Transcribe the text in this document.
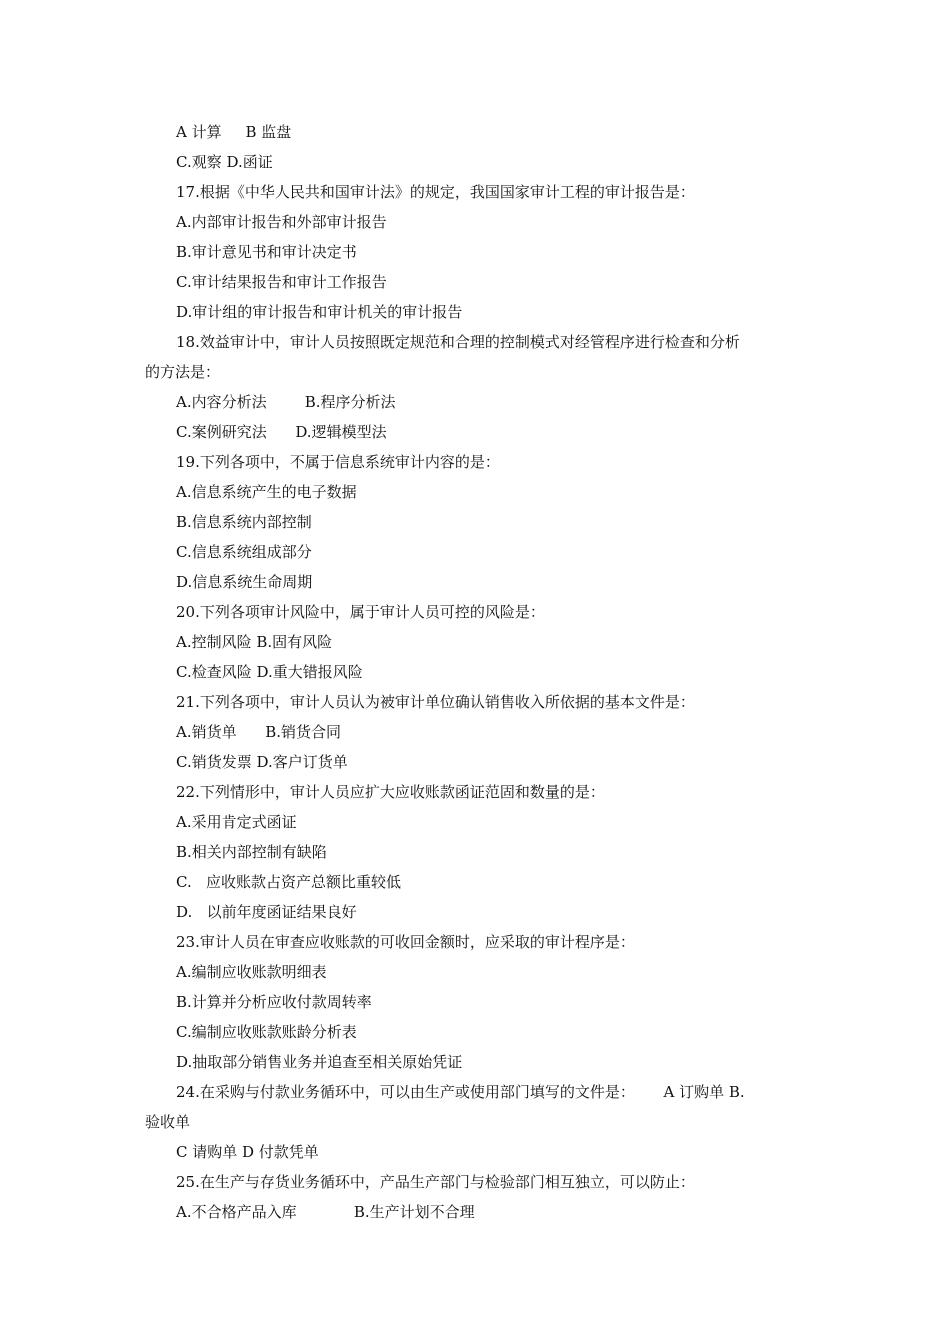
A 计算     B 监盘
C.观察 D.函证
17.根据《中华人民共和国审计法》的规定，我国国家审计工程的审计报告是：
A.内部审计报告和外部审计报告
B.审计意见书和审计决定书
C.审计结果报告和审计工作报告
D.审计组的审计报告和审计机关的审计报告
18.效益审计中，审计人员按照既定规范和合理的控制模式对经管程序进行检查和分析
的方法是：
A.内容分析法        B.程序分析法
C.案例研究法      D.逻辑模型法
19.下列各项中，不属于信息系统审计内容的是：
A.信息系统产生的电子数据
B.信息系统内部控制
C.信息系统组成部分
D.信息系统生命周期
20.下列各项审计风险中，属于审计人员可控的风险是：
A.控制风险 B.固有风险
C.检查风险 D.重大错报风险
21.下列各项中，审计人员认为被审计单位确认销售收入所依据的基本文件是：
A.销货单      B.销货合同
C.销货发票 D.客户订货单
22.下列情形中，审计人员应扩大应收账款函证范固和数量的是：
A.采用肯定式函证
B.相关内部控制有缺陷
C.   应收账款占资产总额比重较低
D.   以前年度函证结果良好
23.审计人员在审查应收账款的可收回金额时，应采取的审计程序是：
A.编制应收账款明细表
B.计算并分析应收付款周转率
C.编制应收账款账龄分析表
D.抽取部分销售业务并追查至相关原始凭证
24.在采购与付款业务循环中，可以由生产或使用部门填写的文件是：      A 订购单 B.
验收单
C 请购单 D 付款凭单
25.在生产与存货业务循环中，产品生产部门与检验部门相互独立，可以防止：
A.不合格产品入库            B.生产计划不合理
